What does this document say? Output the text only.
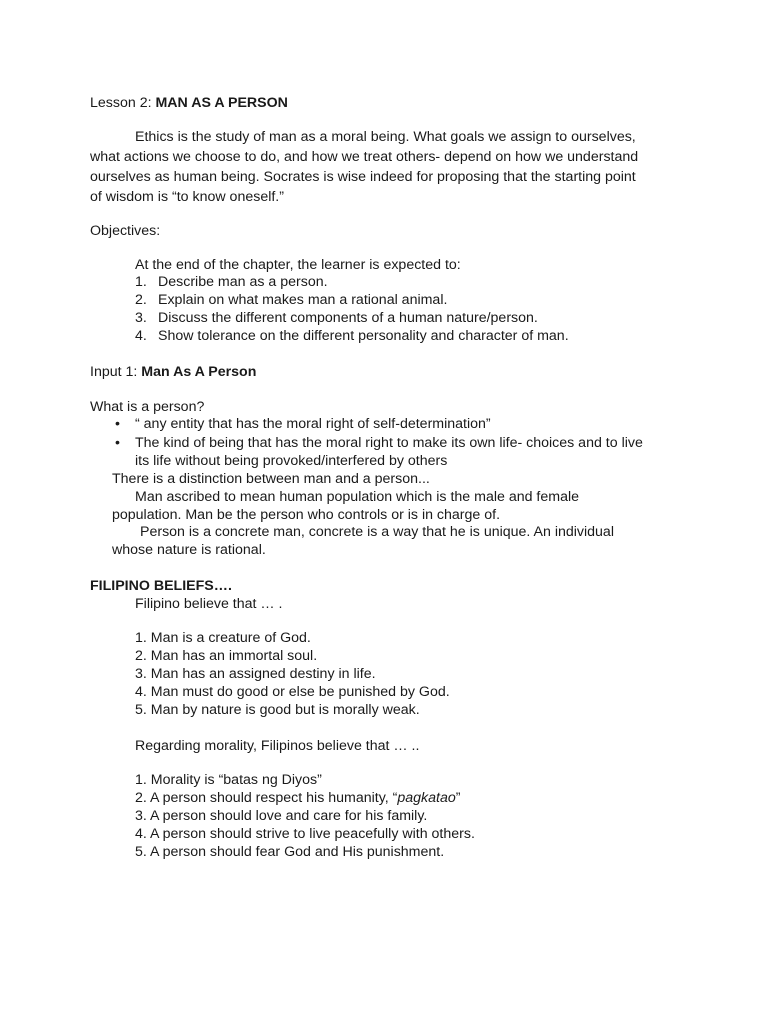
Lesson 2: MAN AS A PERSON
Ethics is the study of man as a moral being. What goals we assign to ourselves,
what actions we choose to do, and how we treat others- depend on how we understand
ourselves as human being. Socrates is wise indeed for proposing that the starting point
of wisdom is “to know oneself.”
Objectives:
At the end of the chapter, the learner is expected to:
1. Describe man as a person.
2. Explain on what makes man a rational animal.
3. Discuss the different components of a human nature/person.
4. Show tolerance on the different personality and character of man.
Input 1: Man As A Person
What is a person?
• “ any entity that has the moral right of self-determination”
• The kind of being that has the moral right to make its own life- choices and to live
its life without being provoked/interfered by others
There is a distinction between man and a person...
Man ascribed to mean human population which is the male and female
population. Man be the person who controls or is in charge of.
Person is a concrete man, concrete is a way that he is unique. An individual
whose nature is rational.
FILIPINO BELIEFS….
Filipino believe that … .
1. Man is a creature of God.
2. Man has an immortal soul.
3. Man has an assigned destiny in life.
4. Man must do good or else be punished by God.
5. Man by nature is good but is morally weak.
Regarding morality, Filipinos believe that … ..
1. Morality is “batas ng Diyos”
2. A person should respect his humanity, “pagkatao”
3. A person should love and care for his family.
4. A person should strive to live peacefully with others.
5. A person should fear God and His punishment.
